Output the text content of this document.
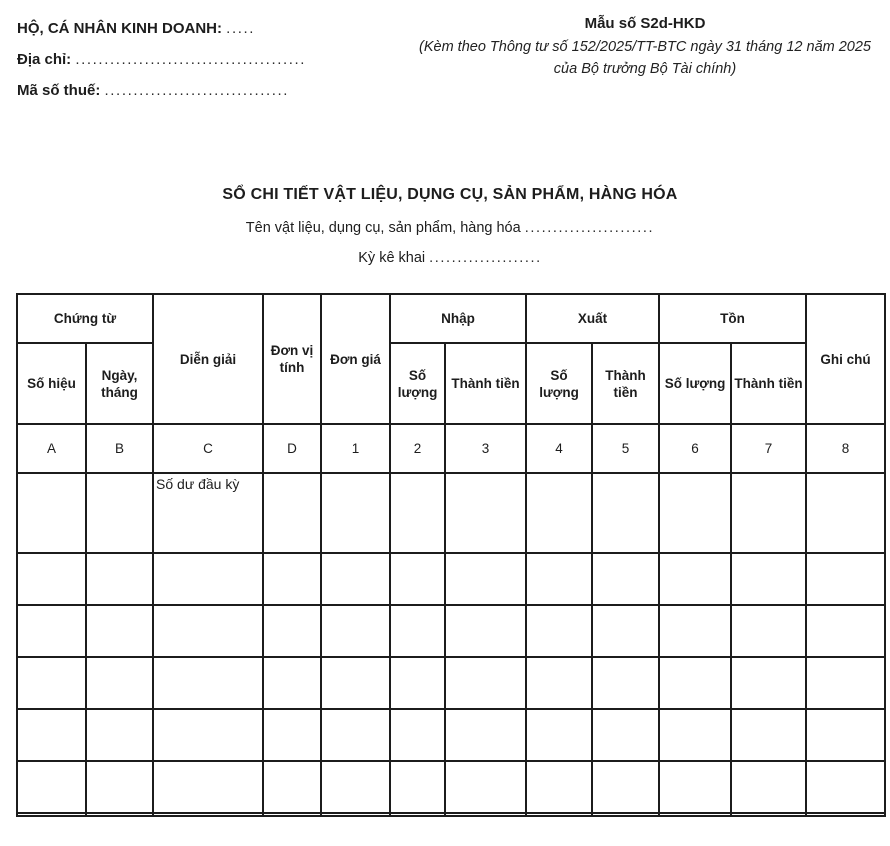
HỘ, CÁ NHÂN KINH DOANH: .....
Địa chỉ: ........................................
Mã số thuế: ................................
Mẫu số S2d-HKD
(Kèm theo Thông tư số 152/2025/TT-BTC ngày 31 tháng 12 năm 2025 của Bộ trưởng Bộ Tài chính)
SỔ CHI TIẾT VẬT LIỆU, DỤNG CỤ, SẢN PHẨM, HÀNG HÓA
Tên vật liệu, dụng cụ, sản phẩm, hàng hóa .......................
Kỳ kê khai ....................
Chứng từ		Diễn giải	Đơn vị tính	Đơn giá	Nhập		Xuất		Tồn		Ghi chú
Số hiệu	Ngày, tháng				Số lượng	Thành tiền	Số lượng	Thành tiền	Số lượng	Thành tiền	
A	B	C	D	1	2	3	4	5	6	7	8
		Số dư đầu kỳ									
